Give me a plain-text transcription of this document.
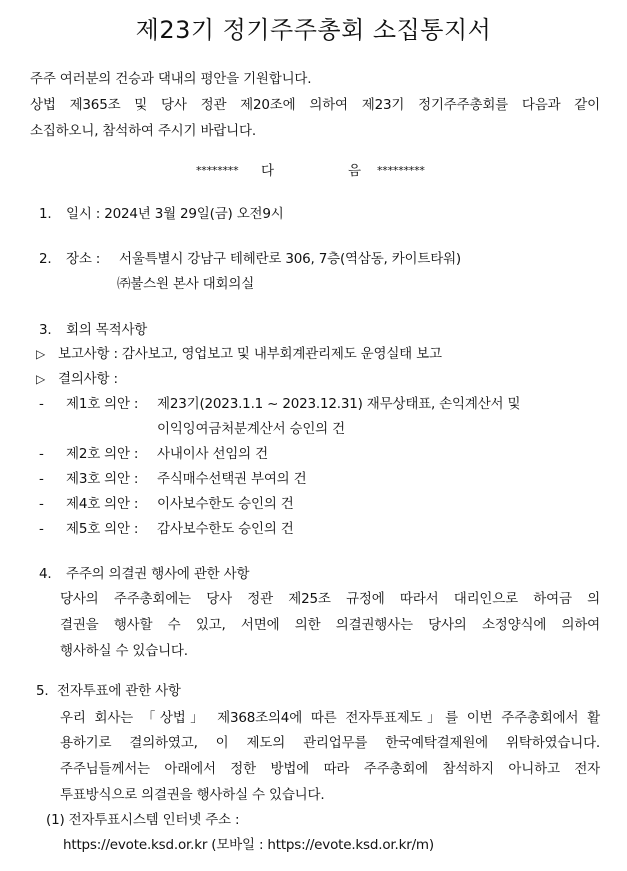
제23기 정기주주총회 소집통지서
주주 여러분의 건승과 댁내의 평안을 기원합니다.
상법 제365조 및 당사 정관 제20조에 의하여 제23기 정기주주총회를 다음과 같이
소집하오니, 참석하여 주시기 바랍니다.
******** 다	음 *********
1. 일시 : 2024년 3월 29일(금) 오전9시
2. 장소 : 서울특별시 강남구 테헤란로 306, 7층(역삼동, 카이트타워)
㈜불스원 본사 대회의실
3. 회의 목적사항
▷ 보고사항 : 감사보고, 영업보고 및 내부회계관리제도 운영실태 보고
▷ 결의사항 :
- 제1호 의안 : 제23기(2023.1.1 ~ 2023.12.31) 재무상태표, 손익계산서 및
이익잉여금처분계산서 승인의 건
- 제2호 의안 : 사내이사 선임의 건
- 제3호 의안 : 주식매수선택권 부여의 건
- 제4호 의안 : 이사보수한도 승인의 건
- 제5호 의안 : 감사보수한도 승인의 건
4. 주주의 의결권 행사에 관한 사항
당사의 주주총회에는 당사 정관 제25조 규정에 따라서 대리인으로 하여금 의
결권을 행사할 수 있고, 서면에 의한 의결권행사는 당사의 소정양식에 의하여
행사하실 수 있습니다.
5. 전자투표에 관한 사항
우리 회사는 「상법」 제368조의4에 따른 전자투표제도」를 이번 주주총회에서 활
용하기로 결의하였고, 이 제도의 관리업무를 한국예탁결제원에 위탁하였습니다.
주주님들께서는 아래에서 정한 방법에 따라 주주총회에 참석하지 아니하고 전자
투표방식으로 의결권을 행사하실 수 있습니다.
(1) 전자투표시스템 인터넷 주소 :
https://evote.ksd.or.kr (모바일 : https://evote.ksd.or.kr/m)
